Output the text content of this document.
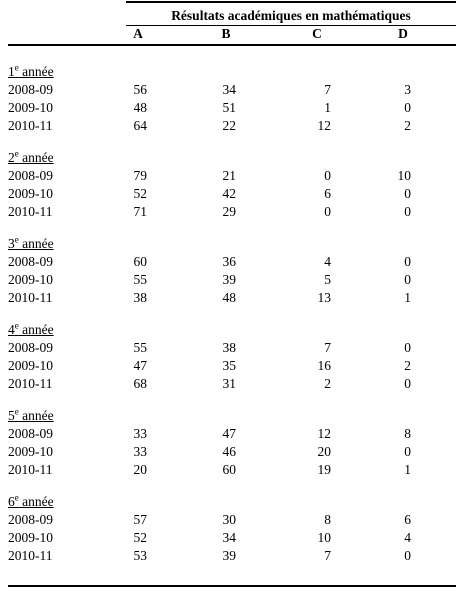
Résultats académiques en mathématiques
A	B	C	D
1e année
2008-09	56	34	7	3
2009-10	48	51	1	0
2010-11	64	22	12	2
2e année
2008-09	79	21	0	10
2009-10	52	42	6	0
2010-11	71	29	0	0
3e année
2008-09	60	36	4	0
2009-10	55	39	5	0
2010-11	38	48	13	1
4e année
2008-09	55	38	7	0
2009-10	47	35	16	2
2010-11	68	31	2	0
5e année
2008-09	33	47	12	8
2009-10	33	46	20	0
2010-11	20	60	19	1
6e année
2008-09	57	30	8	6
2009-10	52	34	10	4
2010-11	53	39	7	0
